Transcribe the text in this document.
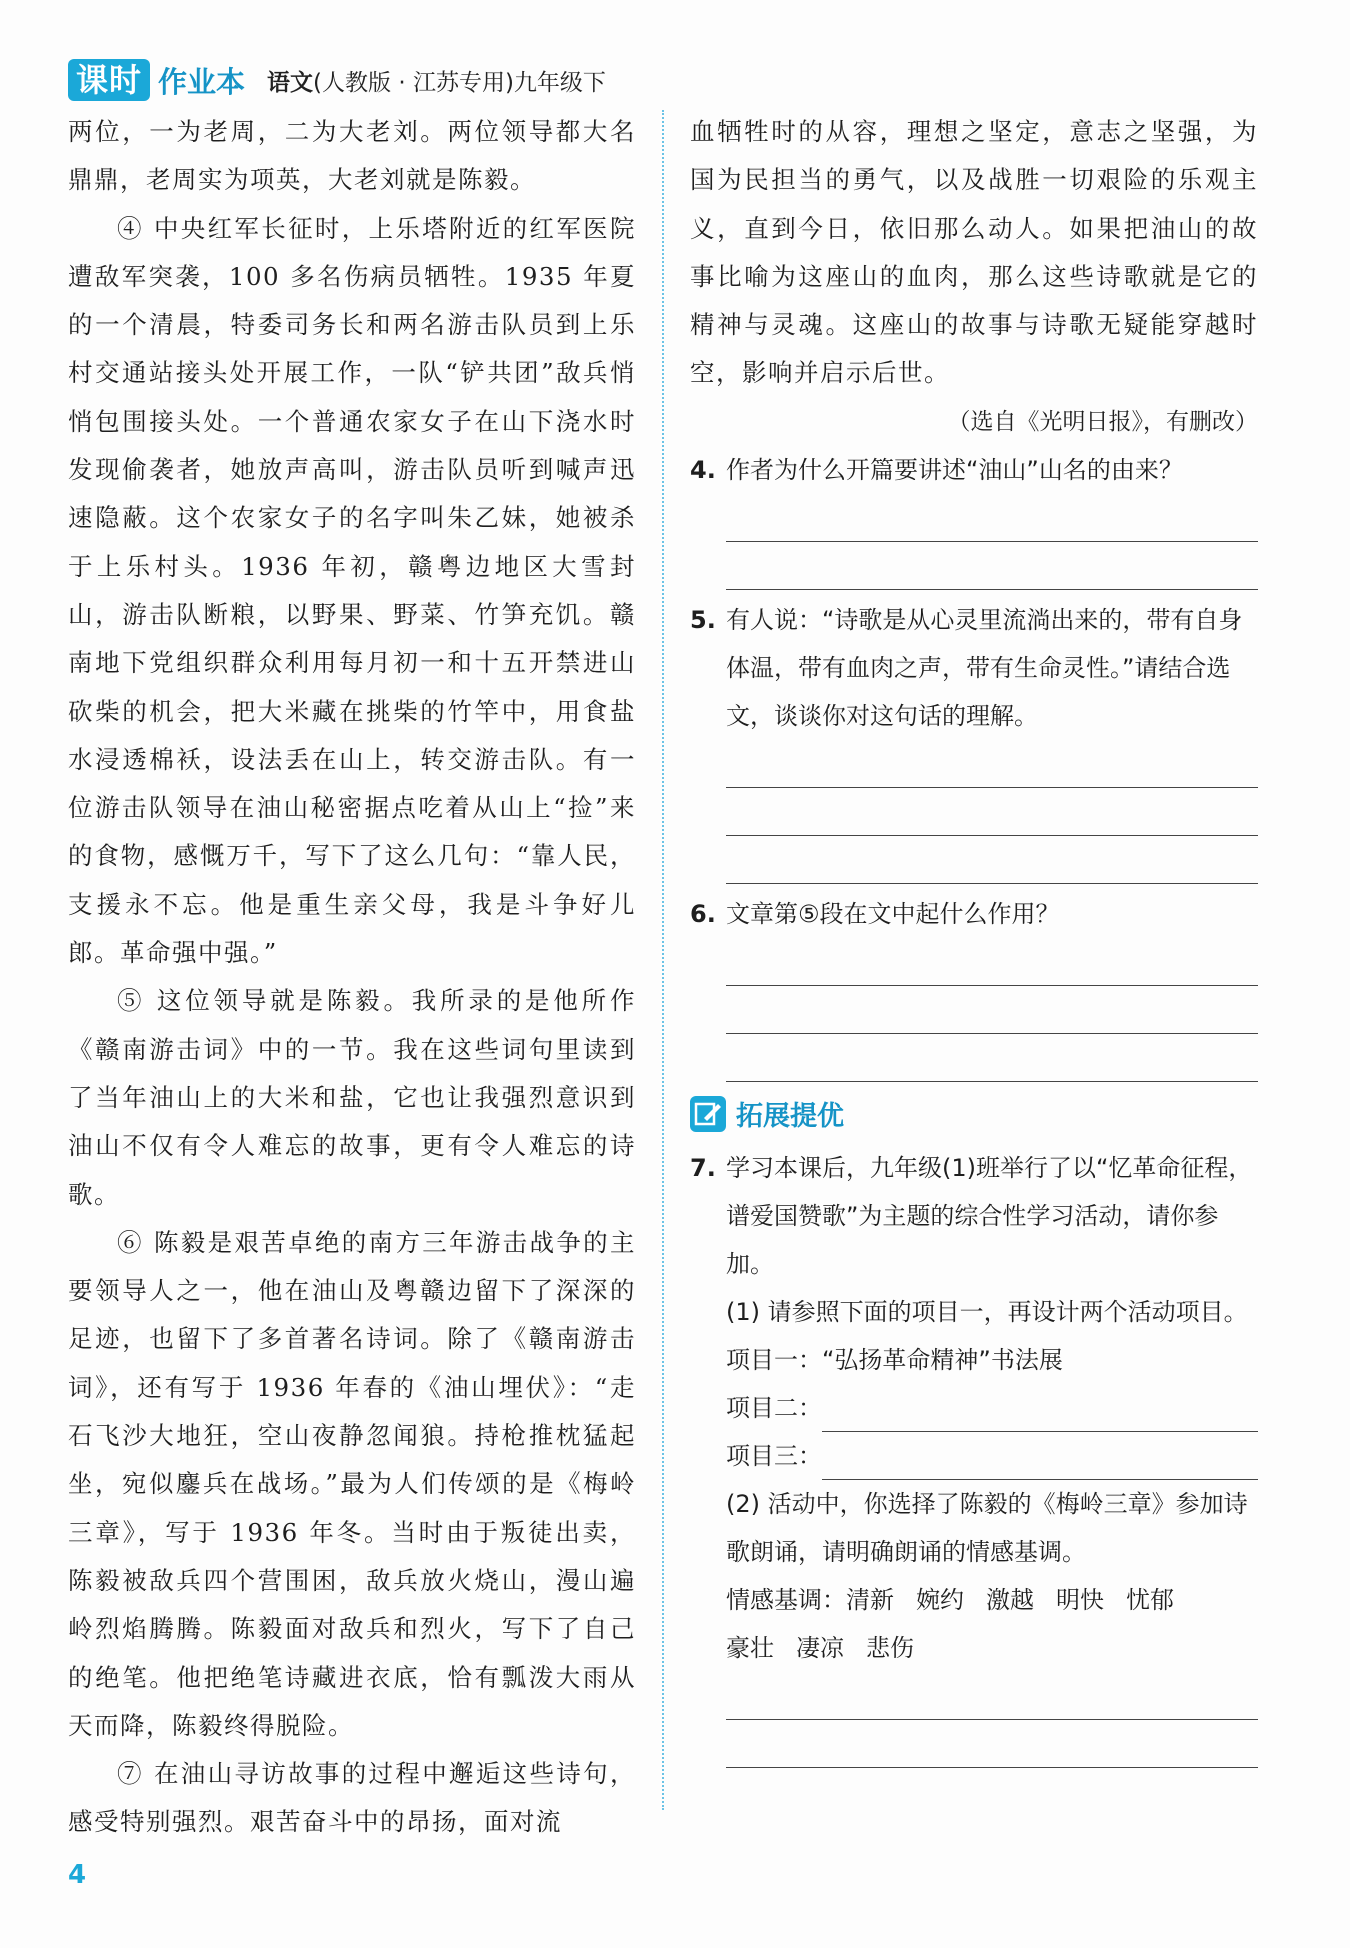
课时 作业本 语文(人教版 · 江苏专用)九年级下

两位，一为老周，二为大老刘。两位领导都大名鼎鼎，老周实为项英，大老刘就是陈毅。

④ 中央红军长征时，上乐塔附近的红军医院遭敌军突袭，100 多名伤病员牺牲。1935 年夏的一个清晨，特委司务长和两名游击队员到上乐村交通站接头处开展工作，一队“铲共团”敌兵悄悄包围接头处。一个普通农家女子在山下浇水时发现偷袭者，她放声高叫，游击队员听到喊声迅速隐蔽。这个农家女子的名字叫朱乙妹，她被杀于上乐村头。1936 年初，赣粤边地区大雪封山，游击队断粮，以野果、野菜、竹笋充饥。赣南地下党组织群众利用每月初一和十五开禁进山砍柴的机会，把大米藏在挑柴的竹竿中，用食盐水浸透棉袄，设法丢在山上，转交游击队。有一位游击队领导在油山秘密据点吃着从山上“捡”来的食物，感慨万千，写下了这么几句：“靠人民，支援永不忘。他是重生亲父母，我是斗争好儿郎。革命强中强。”

⑤ 这位领导就是陈毅。我所录的是他所作《赣南游击词》中的一节。我在这些词句里读到了当年油山上的大米和盐，它也让我强烈意识到油山不仅有令人难忘的故事，更有令人难忘的诗歌。

⑥ 陈毅是艰苦卓绝的南方三年游击战争的主要领导人之一，他在油山及粤赣边留下了深深的足迹，也留下了多首著名诗词。除了《赣南游击词》，还有写于 1936 年春的《油山埋伏》：“走石飞沙大地狂，空山夜静忽闻狼。持枪推枕猛起坐，宛似鏖兵在战场。”最为人们传颂的是《梅岭三章》，写于 1936 年冬。当时由于叛徒出卖，陈毅被敌兵四个营围困，敌兵放火烧山，漫山遍岭烈焰腾腾。陈毅面对敌兵和烈火，写下了自己的绝笔。他把绝笔诗藏进衣底，恰有瓢泼大雨从天而降，陈毅终得脱险。

⑦ 在油山寻访故事的过程中邂逅这些诗句，感受特别强烈。艰苦奋斗中的昂扬，面对流

血牺牲时的从容，理想之坚定，意志之坚强，为国为民担当的勇气，以及战胜一切艰险的乐观主义，直到今日，依旧那么动人。如果把油山的故事比喻为这座山的血肉，那么这些诗歌就是它的精神与灵魂。这座山的故事与诗歌无疑能穿越时空，影响并启示后世。

（选自《光明日报》，有删改）

4. 作者为什么开篇要讲述“油山”山名的由来？
5. 有人说：“诗歌是从心灵里流淌出来的，带有自身体温，带有血肉之声，带有生命灵性。”请结合选文，谈谈你对这句话的理解。
6. 文章第⑤段在文中起什么作用？
拓展提优
7. 学习本课后，九年级(1)班举行了以“忆革命征程，谱爱国赞歌”为主题的综合性学习活动，请你参加。
(1) 请参照下面的项目一，再设计两个活动项目。
项目一：“弘扬革命精神”书法展
项目二：
项目三：
(2) 活动中，你选择了陈毅的《梅岭三章》参加诗歌朗诵，请明确朗诵的情感基调。
情感基调：清新 婉约 激越 明快 忧郁
豪壮 凄凉 悲伤
4
